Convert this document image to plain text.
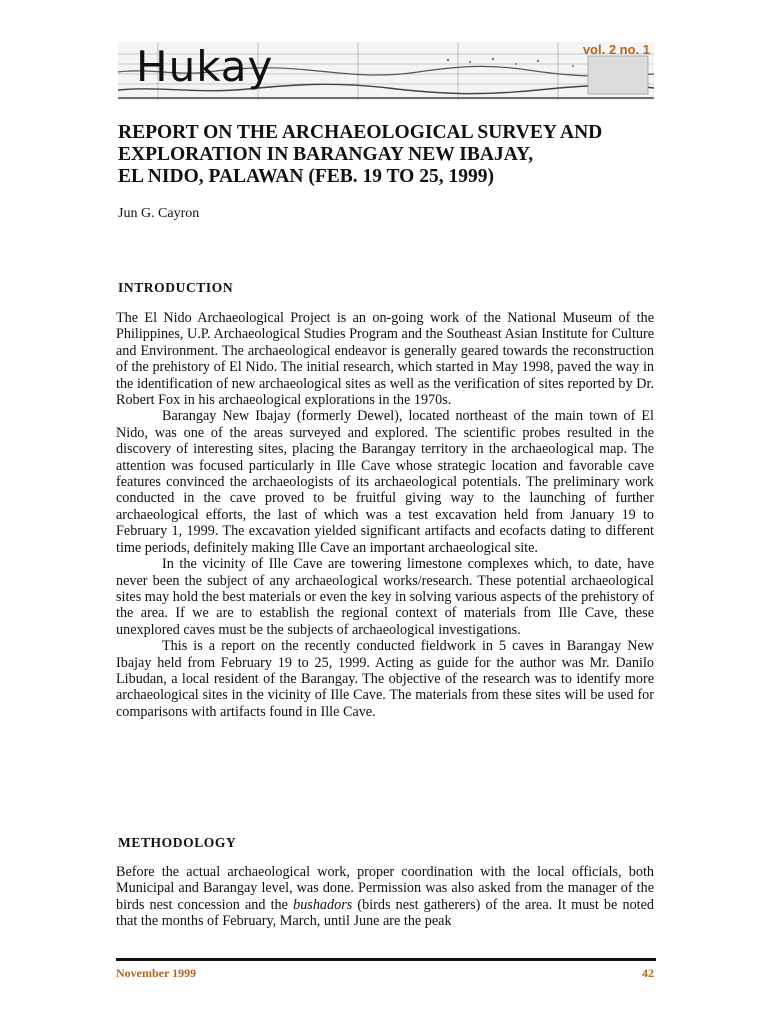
Hukay	vol. 2 no. 1
REPORT ON THE ARCHAEOLOGICAL SURVEY AND
EXPLORATION IN BARANGAY NEW IBAJAY,
EL NIDO, PALAWAN (FEB. 19 TO 25, 1999)
Jun G. Cayron
INTRODUCTION

The El Nido Archaeological Project is an on-going work of the National Museum of the Philippines, U.P. Archaeological Studies Program and the Southeast Asian Institute for Culture and Environment. The archaeological endeavor is generally geared towards the reconstruction of the prehistory of El Nido. The initial research, which started in May 1998, paved the way in the identification of new archaeological sites as well as the verification of sites reported by Dr. Robert Fox in his archaeological explorations in the 1970s.

Barangay New Ibajay (formerly Dewel), located northeast of the main town of El Nido, was one of the areas surveyed and explored. The scientific probes resulted in the discovery of interesting sites, placing the Barangay territory in the archaeological map. The attention was focused particularly in Ille Cave whose strategic location and favorable cave features convinced the archaeologists of its archaeological potentials. The preliminary work conducted in the cave proved to be fruitful giving way to the launching of further archaeological efforts, the last of which was a test excavation held from January 19 to February 1, 1999. The excavation yielded significant artifacts and ecofacts dating to different time periods, definitely making Ille Cave an important archaeological site.

In the vicinity of Ille Cave are towering limestone complexes which, to date, have never been the subject of any archaeological works/research. These potential archaeological sites may hold the best materials or even the key in solving various aspects of the prehistory of the area. If we are to establish the regional context of materials from Ille Cave, these unexplored caves must be the subjects of archaeological investigations.

This is a report on the recently conducted fieldwork in 5 caves in Barangay New Ibajay held from February 19 to 25, 1999. Acting as guide for the author was Mr. Danilo Libudan, a local resident of the Barangay. The objective of the research was to identify more archaeological sites in the vicinity of Ille Cave. The materials from these sites will be used for comparisons with artifacts found in Ille Cave.

METHODOLOGY

Before the actual archaeological work, proper coordination with the local officials, both Municipal and Barangay level, was done. Permission was also asked from the manager of the birds nest concession and the bushadors (birds nest gatherers) of the area. It must be noted that the months of February, March, until June are the peak

November 1999	42
